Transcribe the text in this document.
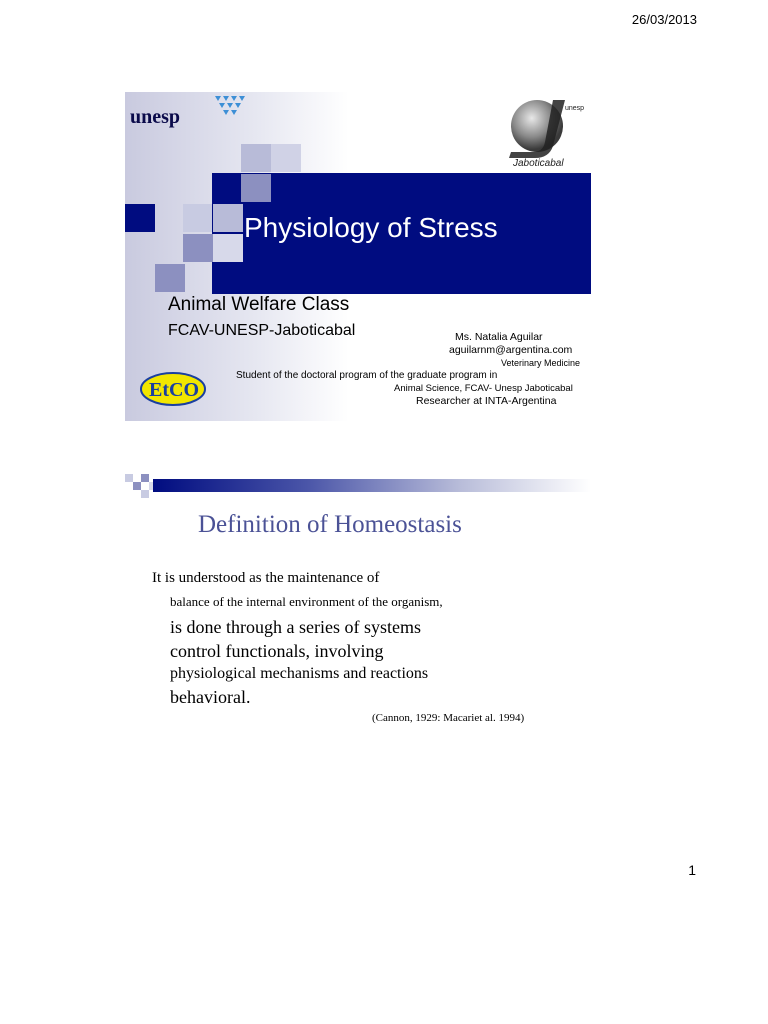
26/03/2013
unesp	unesp
Jaboticabal
Physiology of Stress
Animal Welfare Class
FCAV-UNESP-Jaboticabal
EtCO
Ms. Natalia Aguilar
aguilarnm@argentina.com
Veterinary Medicine
Student of the doctoral program of the graduate program in
Animal Science, FCAV- Unesp Jaboticabal
Researcher at INTA-Argentina
Definition of Homeostasis
It is understood as the maintenance of
balance of the internal environment of the organism,
is done through a series of systems
control functionals, involving
physiological mechanisms and reactions
behavioral.
(Cannon, 1929: Macariet al. 1994)
1
